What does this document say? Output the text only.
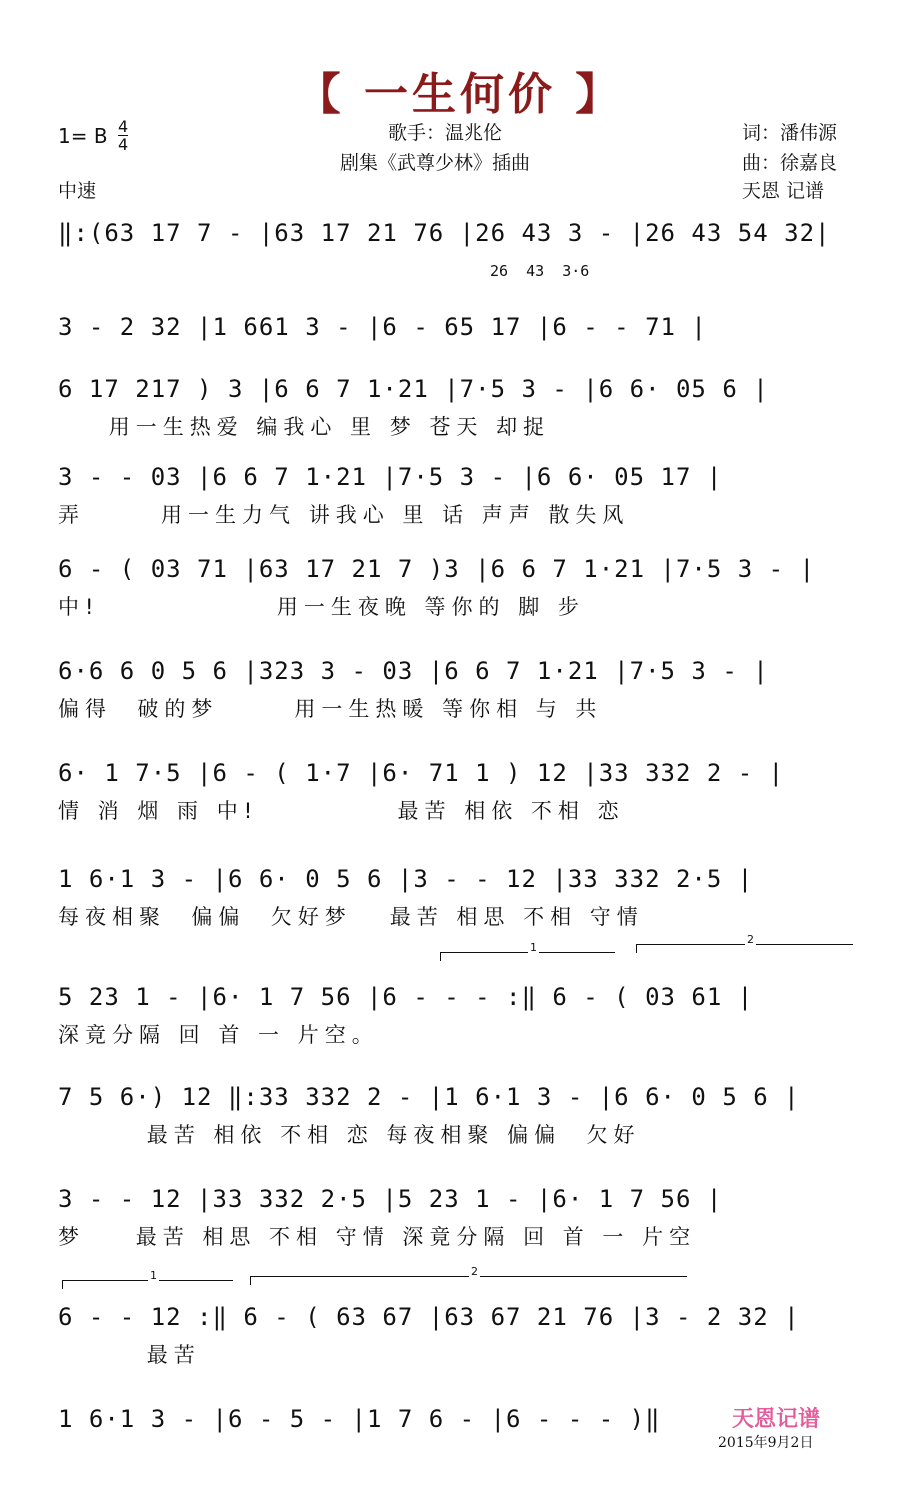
【 一生何价 】
1= B $\frac{4}{4}$
中速
歌手：温兆伦
剧集《武尊少林》插曲
词：潘伟源
曲：徐嘉良
天恩 记谱
26  43  3·6
‖:(63 17 7 - |63 17 21 76 |26 43 3 - |26 43 54 32|
3 - 2 32 |1 661 3 - |6 - 65 17 |6 - - 71 |
6 17 217 ) 3 |6 6 7 1·21 |7·5 3 - |6 6· 05 6 |
用一生热爱 编我心 里 梦 苍天 却捉
3 - - 03 |6 6 7 1·21 |7·5 3 - |6 6· 05 17 |
弄      用一生力气 讲我心 里 话 声声 散失风
6 - ( 03 71 |63 17 21 7 )3 |6 6 7 1·21 |7·5 3 - |
中!              用一生夜晚 等你的 脚 步
6·6 6 0 5 6 |323 3 - 03 |6 6 7 1·21 |7·5 3 - |
偏得  破的梦      用一生热暖 等你相 与 共
6· 1 7·5 |6 - ( 1·7 |6· 71 1 ) 12 |33 332 2 - |
情 消 烟 雨 中!           最苦 相依 不相 恋
1 6·1 3 - |6 6· 0 5 6 |3 - - 12 |33 332 2·5 |
每夜相聚  偏偏  欠好梦   最苦 相思 不相 守情
1
2
5 23 1 - |6· 1 7 56 |6 - - - :‖ 6 - ( 03 61 |
深竟分隔 回 首 一 片空。
7 5 6·) 12 ‖:33 332 2 - |1 6·1 3 - |6 6· 0 5 6 |
最苦 相依 不相 恋 每夜相聚 偏偏  欠好
3 - - 12 |33 332 2·5 |5 23 1 - |6· 1 7 56 |
梦    最苦 相思 不相 守情 深竟分隔 回 首 一 片空
1	2
6 - - 12 :‖ 6 - ( 63 67 |63 67 21 76 |3 - 2 32 |
最苦
1 6·1 3 - |6 - 5 - |1 7 6 - |6 - - - )‖	天恩记谱
2015年9月2日
